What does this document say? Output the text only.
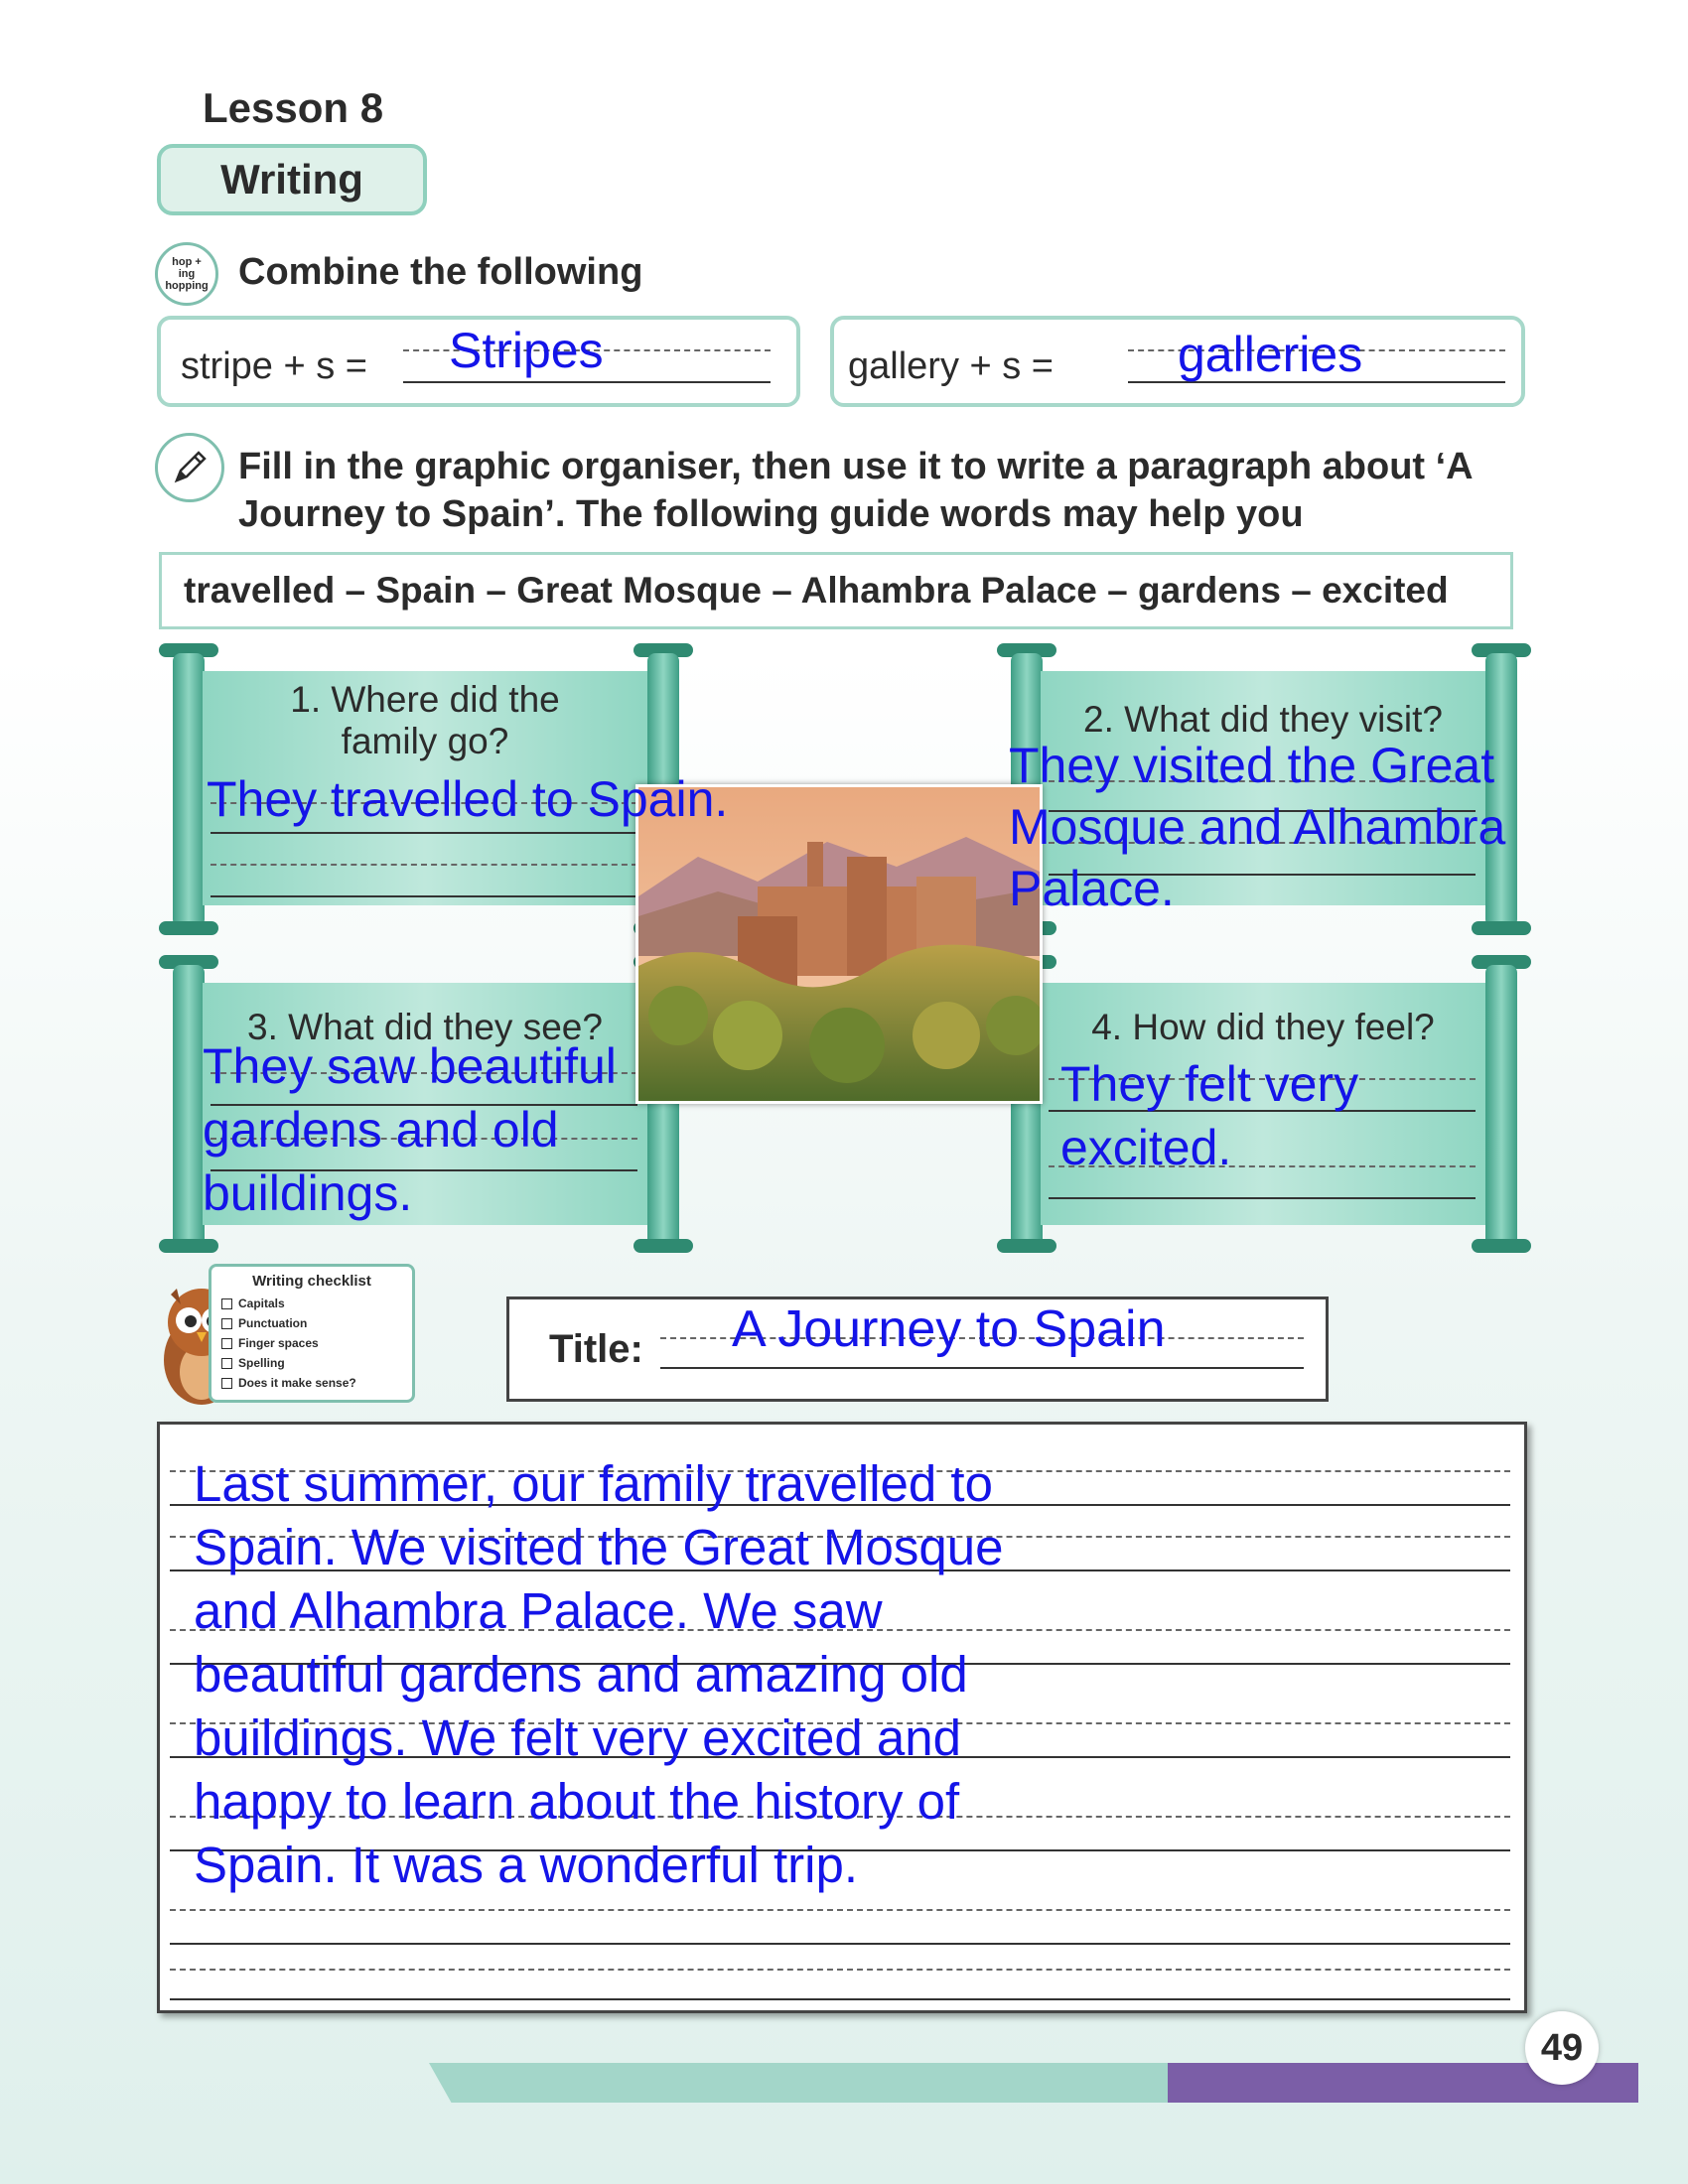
Lesson 8
Writing
hop +
ing
hopping Combine the following
stripe + s = Stripes	gallery + s =	galleries
Fill in the graphic organiser, then use it to write a paragraph about ‘A
Journey to Spain’. The following guide words may help you
travelled – Spain – Great Mosque – Alhambra Palace – gardens – excited
1. Where did the
family go?
2. What did they visit?
3. What did they see?	4. How did they feel?
They travelled to Spain.
They visited the Great
Mosque and Alhambra
Palace.
They saw beautiful
gardens and old
buildings.
They felt very
excited.
Writing checklist
Capitals
Punctuation
Finger spaces
Spelling
Does it make sense?
Title: A Journey to Spain
Last summer, our family travelled to
Spain. We visited the Great Mosque
and Alhambra Palace. We saw
beautiful gardens and amazing old
buildings. We felt very excited and
happy to learn about the history of
Spain. It was a wonderful trip.
49
